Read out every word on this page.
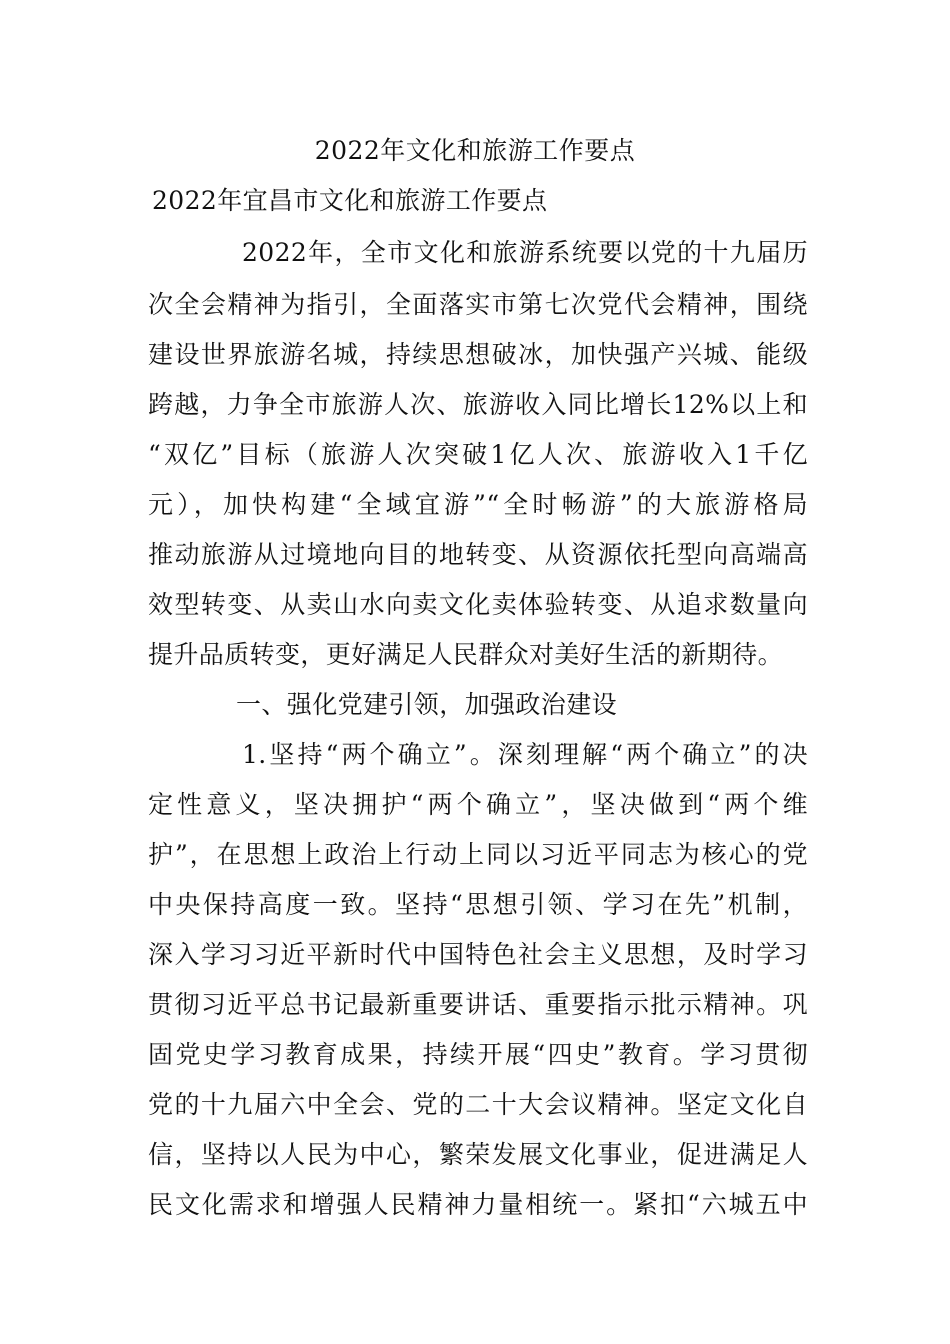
2022年文化和旅游工作要点
2022年宜昌市文化和旅游工作要点
2022年，全市文化和旅游系统要以党的十九届历
次全会精神为指引，全面落实市第七次党代会精神，围绕
建设世界旅游名城，持续思想破冰，加快强产兴城、能级
跨越，力争全市旅游人次、旅游收入同比增长12%以上和
“双亿”目标（旅游人次突破1亿人次、旅游收入1千亿
元），加快构建“全域宜游”“全时畅游”的大旅游格局
推动旅游从过境地向目的地转变、从资源依托型向高端高
效型转变、从卖山水向卖文化卖体验转变、从追求数量向
提升品质转变，更好满足人民群众对美好生活的新期待。
一、强化党建引领，加强政治建设
1.坚持“两个确立”。深刻理解“两个确立”的决
定性意义，坚决拥护“两个确立”，坚决做到“两个维
护”，在思想上政治上行动上同以习近平同志为核心的党
中央保持高度一致。坚持“思想引领、学习在先”机制，
深入学习习近平新时代中国特色社会主义思想，及时学习
贯彻习近平总书记最新重要讲话、重要指示批示精神。巩
固党史学习教育成果，持续开展“四史”教育。学习贯彻
党的十九届六中全会、党的二十大会议精神。坚定文化自
信，坚持以人民为中心，繁荣发展文化事业，促进满足人
民文化需求和增强人民精神力量相统一。紧扣“六城五中
